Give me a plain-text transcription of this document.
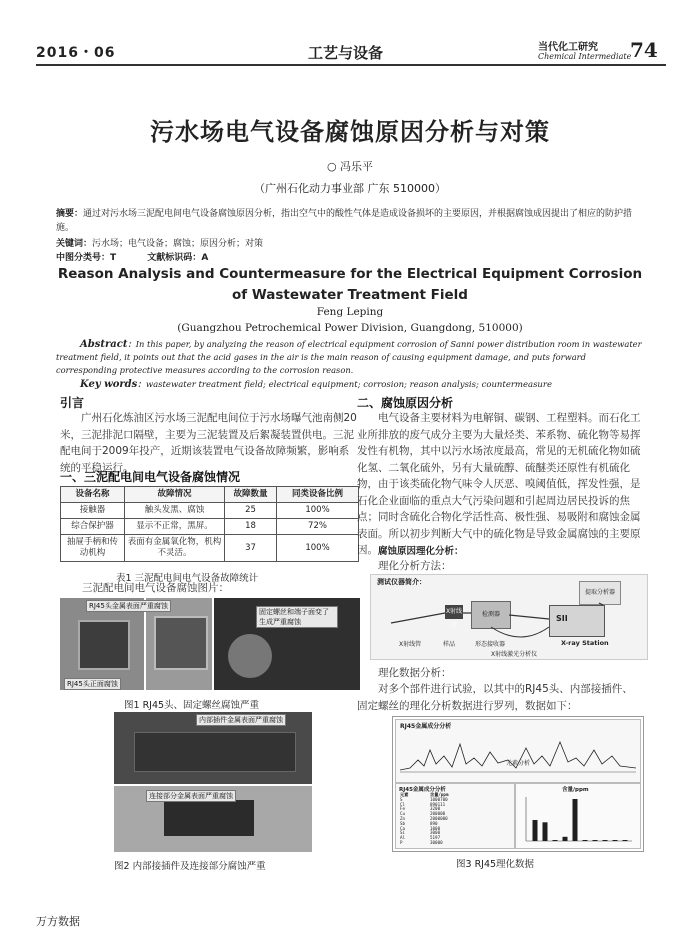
2016・06	工艺与设备	当代化工研究
Chemical Intermediate
74
污水场电气设备腐蚀原因分析与对策
○ 冯乐平
（广州石化动力事业部 广东 510000）
摘要：通过对污水场三泥配电间电气设备腐蚀原因分析，指出空气中的酸性气体是造成设备损坏的主要原因，并根据腐蚀成因提出了相应的防护措施。
关键词：污水场；电气设备；腐蚀；原因分析；对策
中图分类号：T	文献标识码：A
Reason Analysis and Countermeasure for the Electrical Equipment Corrosion
of Wastewater Treatment Field
Feng Leping
(Guangzhou Petrochemical Power Division, Guangdong, 510000)
Abstract：In this paper, by analyzing the reason of electrical equipment corrosion of Sanni power distribution room in wastewater treatment field, it points out that the acid gases in the air is the main reason of causing equipment damage, and puts forward corresponding protective measures according to the corrosion reason.
Key words：wastewater treatment field; electrical equipment; corrosion; reason analysis; countermeasure
引言
广州石化炼油区污水场三泥配电间位于污水场曝气池南侧20米，三泥排泥口隔壁，主要为三泥装置及后絮凝装置供电。三泥配电间于2009年投产，近期该装置电气设备故障频繁，影响系统的平稳运行。
一、三泥配电间电气设备腐蚀情况
设备名称	故障情况	故障数量	同类设备比例
接触器	触头发黑、腐蚀	25	100%
综合保护器	显示不正常，黑屏。	18	72%
抽屉手柄和传动机构	表面有金属氧化物，机构不灵活。	37	100%
表1 三泥配电间电气设备故障统计
三泥配电间电气设备腐蚀图片：
RJ45头金属表面严重腐蚀
固定螺丝和端子面变了生成严重腐蚀
RJ45头正面腐蚀
图1 RJ45头、固定螺丝腐蚀严重
内部插件金属表面严重腐蚀
连接部分金属表面严重腐蚀
图2 内部接插件及连接部分腐蚀严重
二、腐蚀原因分析
电气设备主要材料为电解铜、碳钢、工程塑料。而石化工业所排放的废气成分主要为大量烃类、苯系物、硫化物等易挥发性有机物，其中以污水场浓度最高，常见的无机硫化物如硫化氢、二氧化硫外，另有大量硫醇、硫醚类还原性有机硫化物，由于该类硫化物气味令人厌恶、嗅阈值低，挥发性强，是石化企业面临的重点大气污染问题和引起周边居民投诉的焦点；同时含硫化合物化学活性高、极性强、易吸附和腐蚀金属表面。所以初步判断大气中的硫化物是导致金属腐蚀的主要原因。 腐蚀原因理化分析：
理化分析方法：
测试仪器简介：
提取分析器
X射线管
检测器	SII
X射线管	样品	形态接收器	X-ray Station
X射线激光分析仪
理化数据分析：
对多个部件进行试验，以其中的RJ45头、内部接插件、固定螺丝的理化分析数据进行罗列，数据如下：
RJ45金属成分分析
元素分析
RJ45金属成分分析
元素	含量/ppm
S	1000700
Cl	890111
Fe	3200
Cu	200000
Zn	2000000
Sb	890
Ca	1000
Si	3000
Al	5197
P	30000
含量/ppm
图3 RJ45理化数据
万方数据
